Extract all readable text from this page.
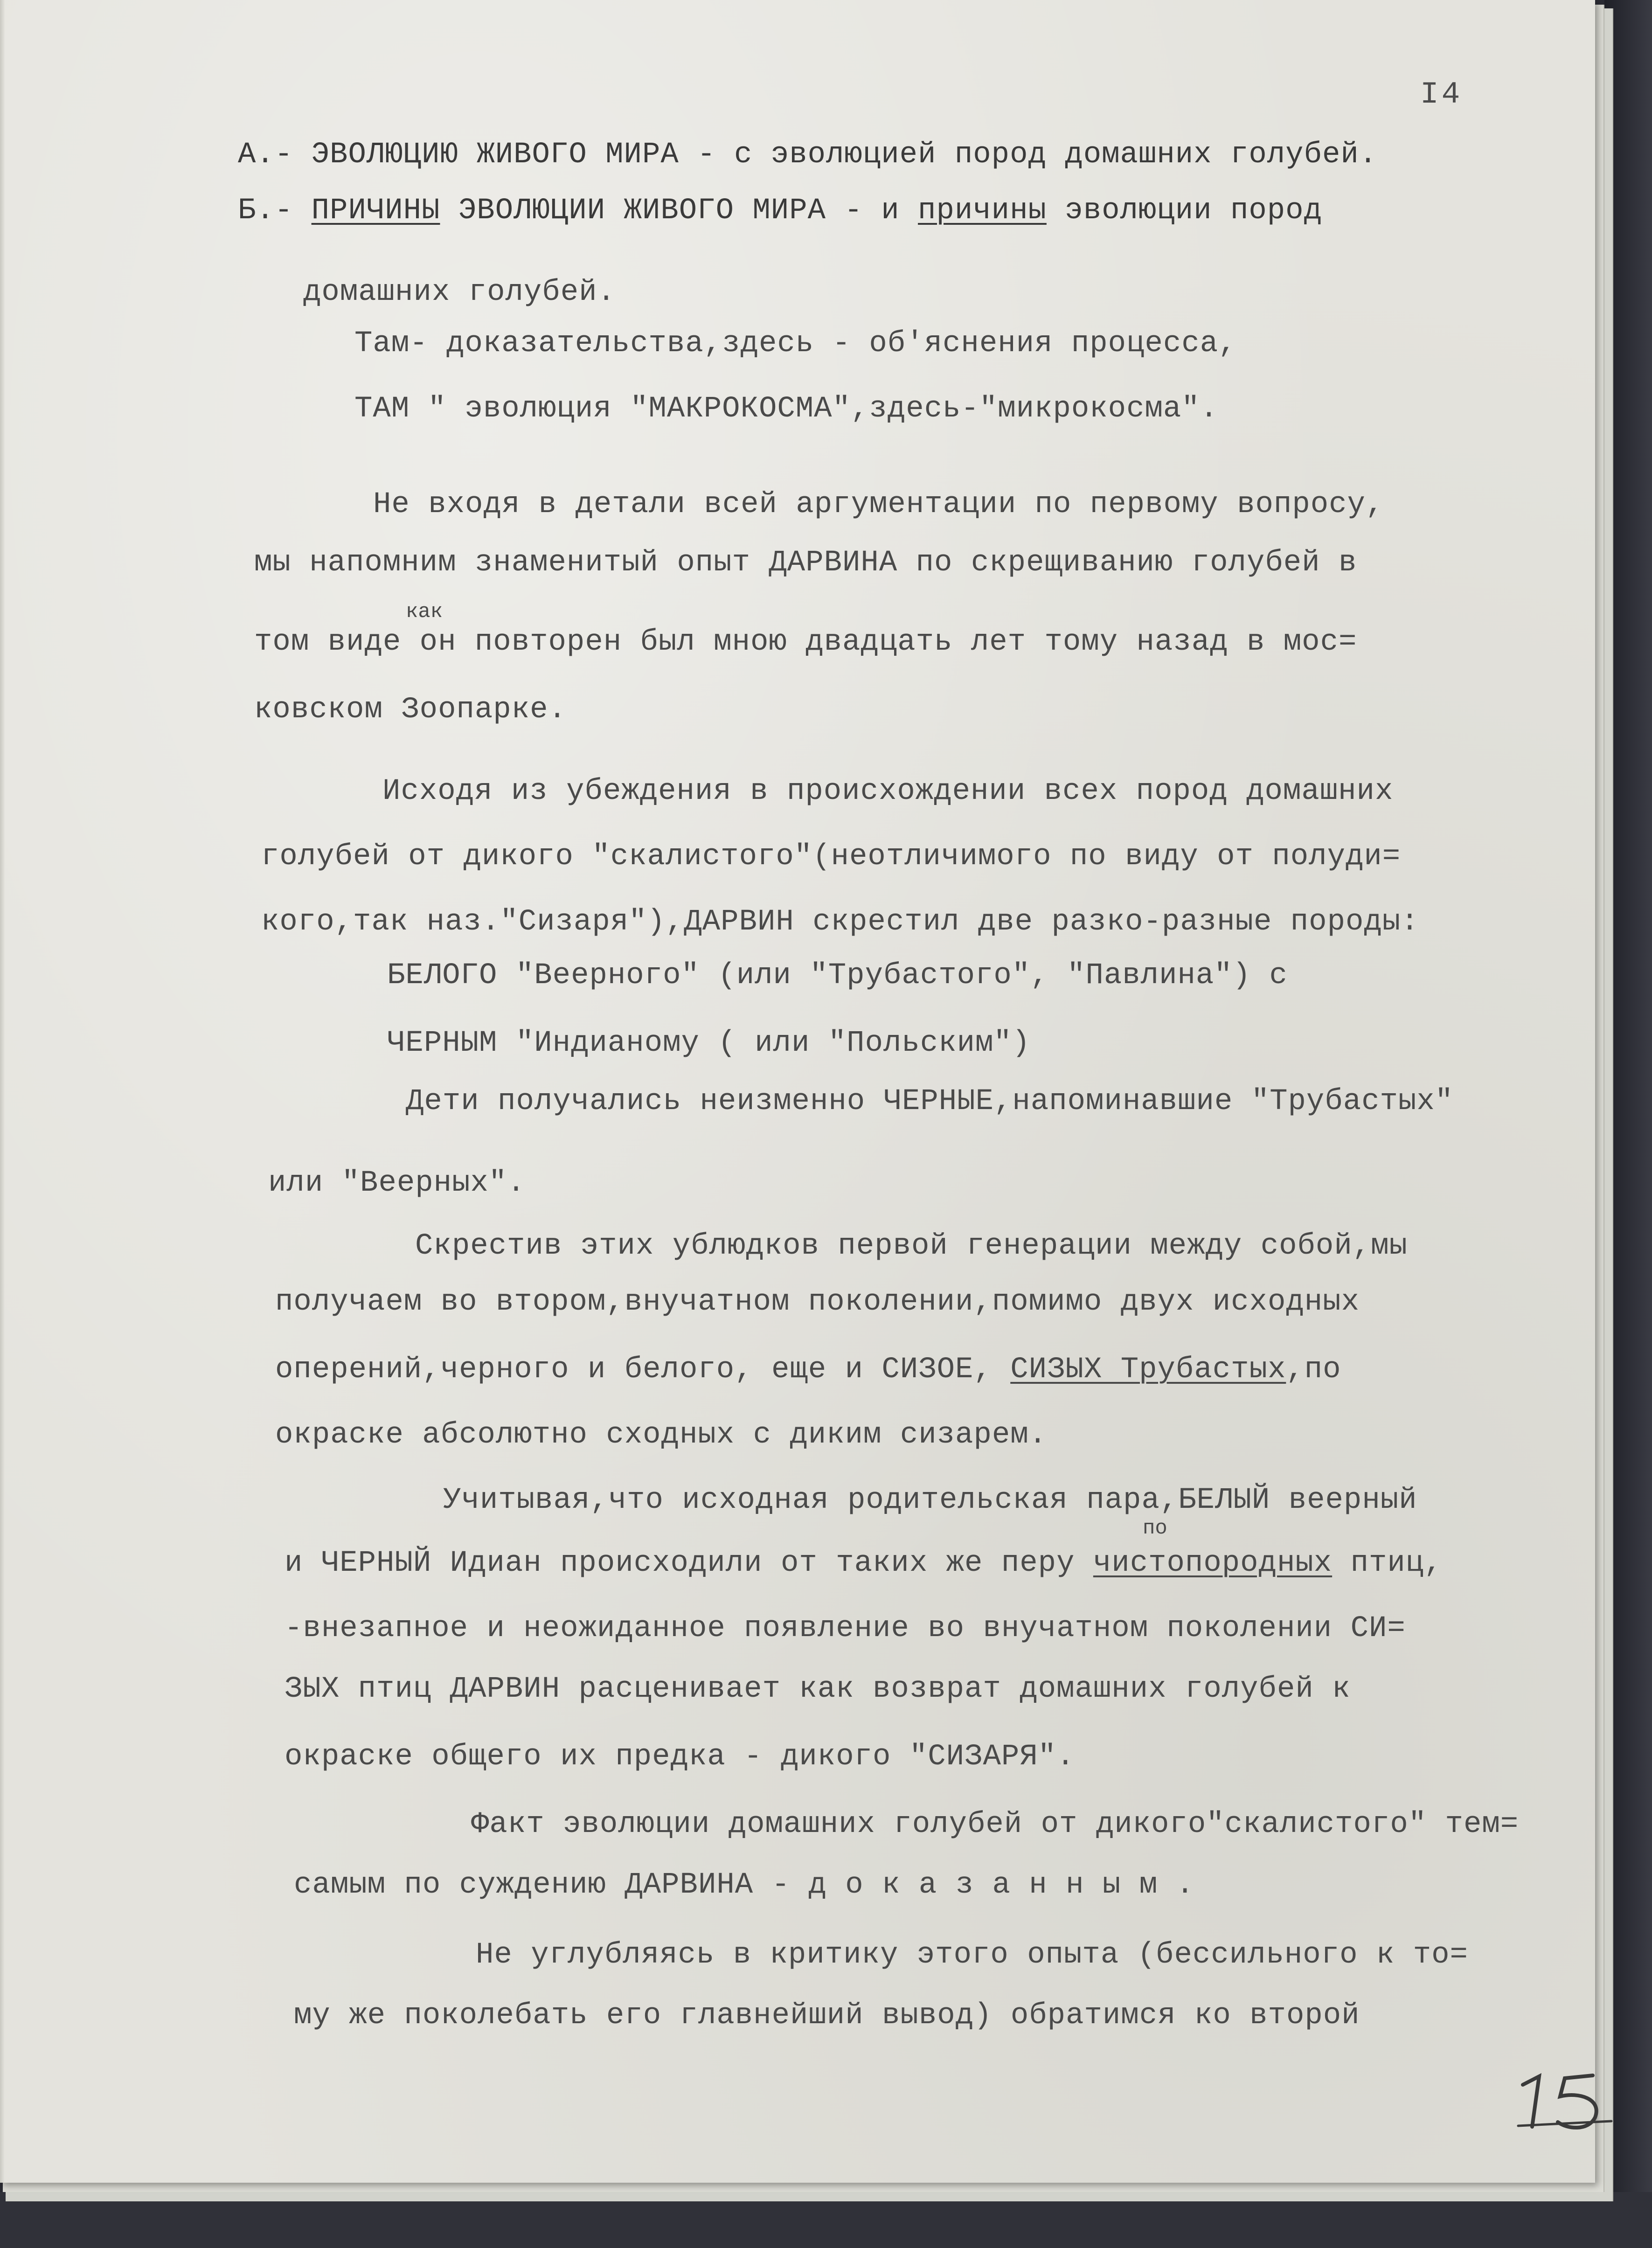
I4
А.- ЭВОЛЮЦИЮ ЖИВОГО МИРА - с эволюцией пород домашних голубей.
Б.- ПРИЧИНЫ ЭВОЛЮЦИИ ЖИВОГО МИРА - и причины эволюции пород
домашних голубей.
Там- доказательства,здесь - об'яснения процесса,
ТАМ " эволюция "МАКРОКОСМА",здесь-"микрокосма".
Не входя в детали всей аргументации по первому вопросу,
мы напомним знаменитый опыт ДАРВИНА по скрещиванию голубей в
как
том виде он повторен был мною двадцать лет тому назад в мос=
ковском Зоопарке.
Исходя из убеждения в происхождении всех пород домашних
голубей от дикого "скалистого"(неотличимого по виду от полуди=
кого,так наз."Сизаря"),ДАРВИН скрестил две разко-разные породы:
БЕЛОГО "Веерного" (или "Трубастого", "Павлина") с
ЧЕРНЫМ "Индианому ( или "Польским")
Дети получались неизменно ЧЕРНЫЕ,напоминавшие "Трубастых"
или "Веерных".
Скрестив этих ублюдков первой генерации между собой,мы
получаем во втором,внучатном поколении,помимо двух исходных
оперений,черного и белого, еще и СИЗОЕ, СИЗЫХ Трубастых,по
окраске абсолютно сходных с диким сизарем.
Учитывая,что исходная родительская пара,БЕЛЫЙ веерный
по
и ЧЕРНЫЙ Идиан происходили от таких же перу чистопородных птиц,
-внезапное и неожиданное появление во внучатном поколении СИ=
ЗЫХ птиц ДАРВИН расценивает как возврат домашних голубей к
окраске общего их предка - дикого "СИЗАРЯ".
Факт эволюции домашних голубей от дикого"скалистого" тем=
самым по суждению ДАРВИНА - д о к а з а н н ы м .
Не углубляясь в критику этого опыта (бессильного к то=
му же поколебать его главнейший вывод) обратимся ко второй
